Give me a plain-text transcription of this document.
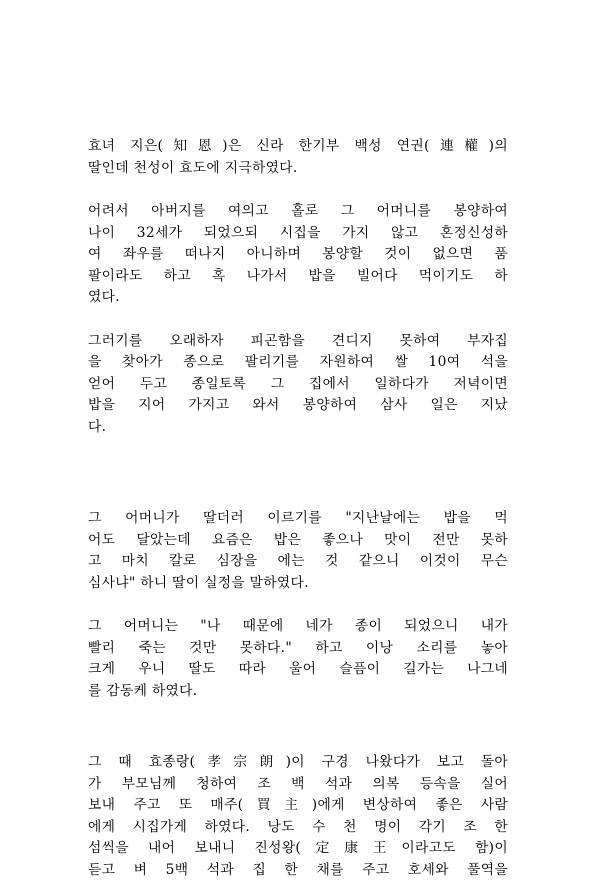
효녀 지은(知恩)은 신라 한기부 백성 연권(連權)의
딸인데 천성이 효도에 지극하였다.
어려서 아버지를 여의고 홀로 그 어머니를 봉양하여
나이 32세가 되었으되 시집을 가지 않고 혼정신성하
여 좌우를 떠나지 아니하며 봉양할 것이 없으면 품
팔이라도 하고 혹 나가서 밥을 빌어다 먹이기도 하
였다.
그러기를 오래하자 피곤함을 견디지 못하여 부자집
을 찾아가 종으로 팔리기를 자원하여 쌀 10여 석을
얻어 두고 종일토록 그 집에서 일하다가 저녁이면
밥을 지어 가지고 와서 봉양하여 삼사 일은 지났
다.
그 어머니가 딸더러 이르기를 "지난날에는 밥을 먹
어도 달았는데 요즘은 밥은 좋으나 맛이 전만 못하
고 마치 칼로 심장을 에는 것 같으니 이것이 무슨
심사냐" 하니 딸이 실정을 말하였다.
그 어머니는 "나 때문에 네가 종이 되었으니 내가
빨리 죽는 것만 못하다." 하고 이낭 소리를 놓아
크게 우니 딸도 따라 울어 슬픔이 길가는 나그네
를 감동케 하였다.
그 때 효종랑(孝宗朗)이 구경 나왔다가 보고 돌아
가 부모님께 청하여 조 백 석과 의복 등속을 실어
보내 주고 또 매주(買主)에게 변상하여 좋은 사람
에게 시집가게 하였다. 낭도 수 천 명이 각기 조 한
섬씩을 내어 보내니 진성왕(定康王이라고도 함)이
듣고 벼 5백 석과 집 한 채를 주고 호세와 풀역을
